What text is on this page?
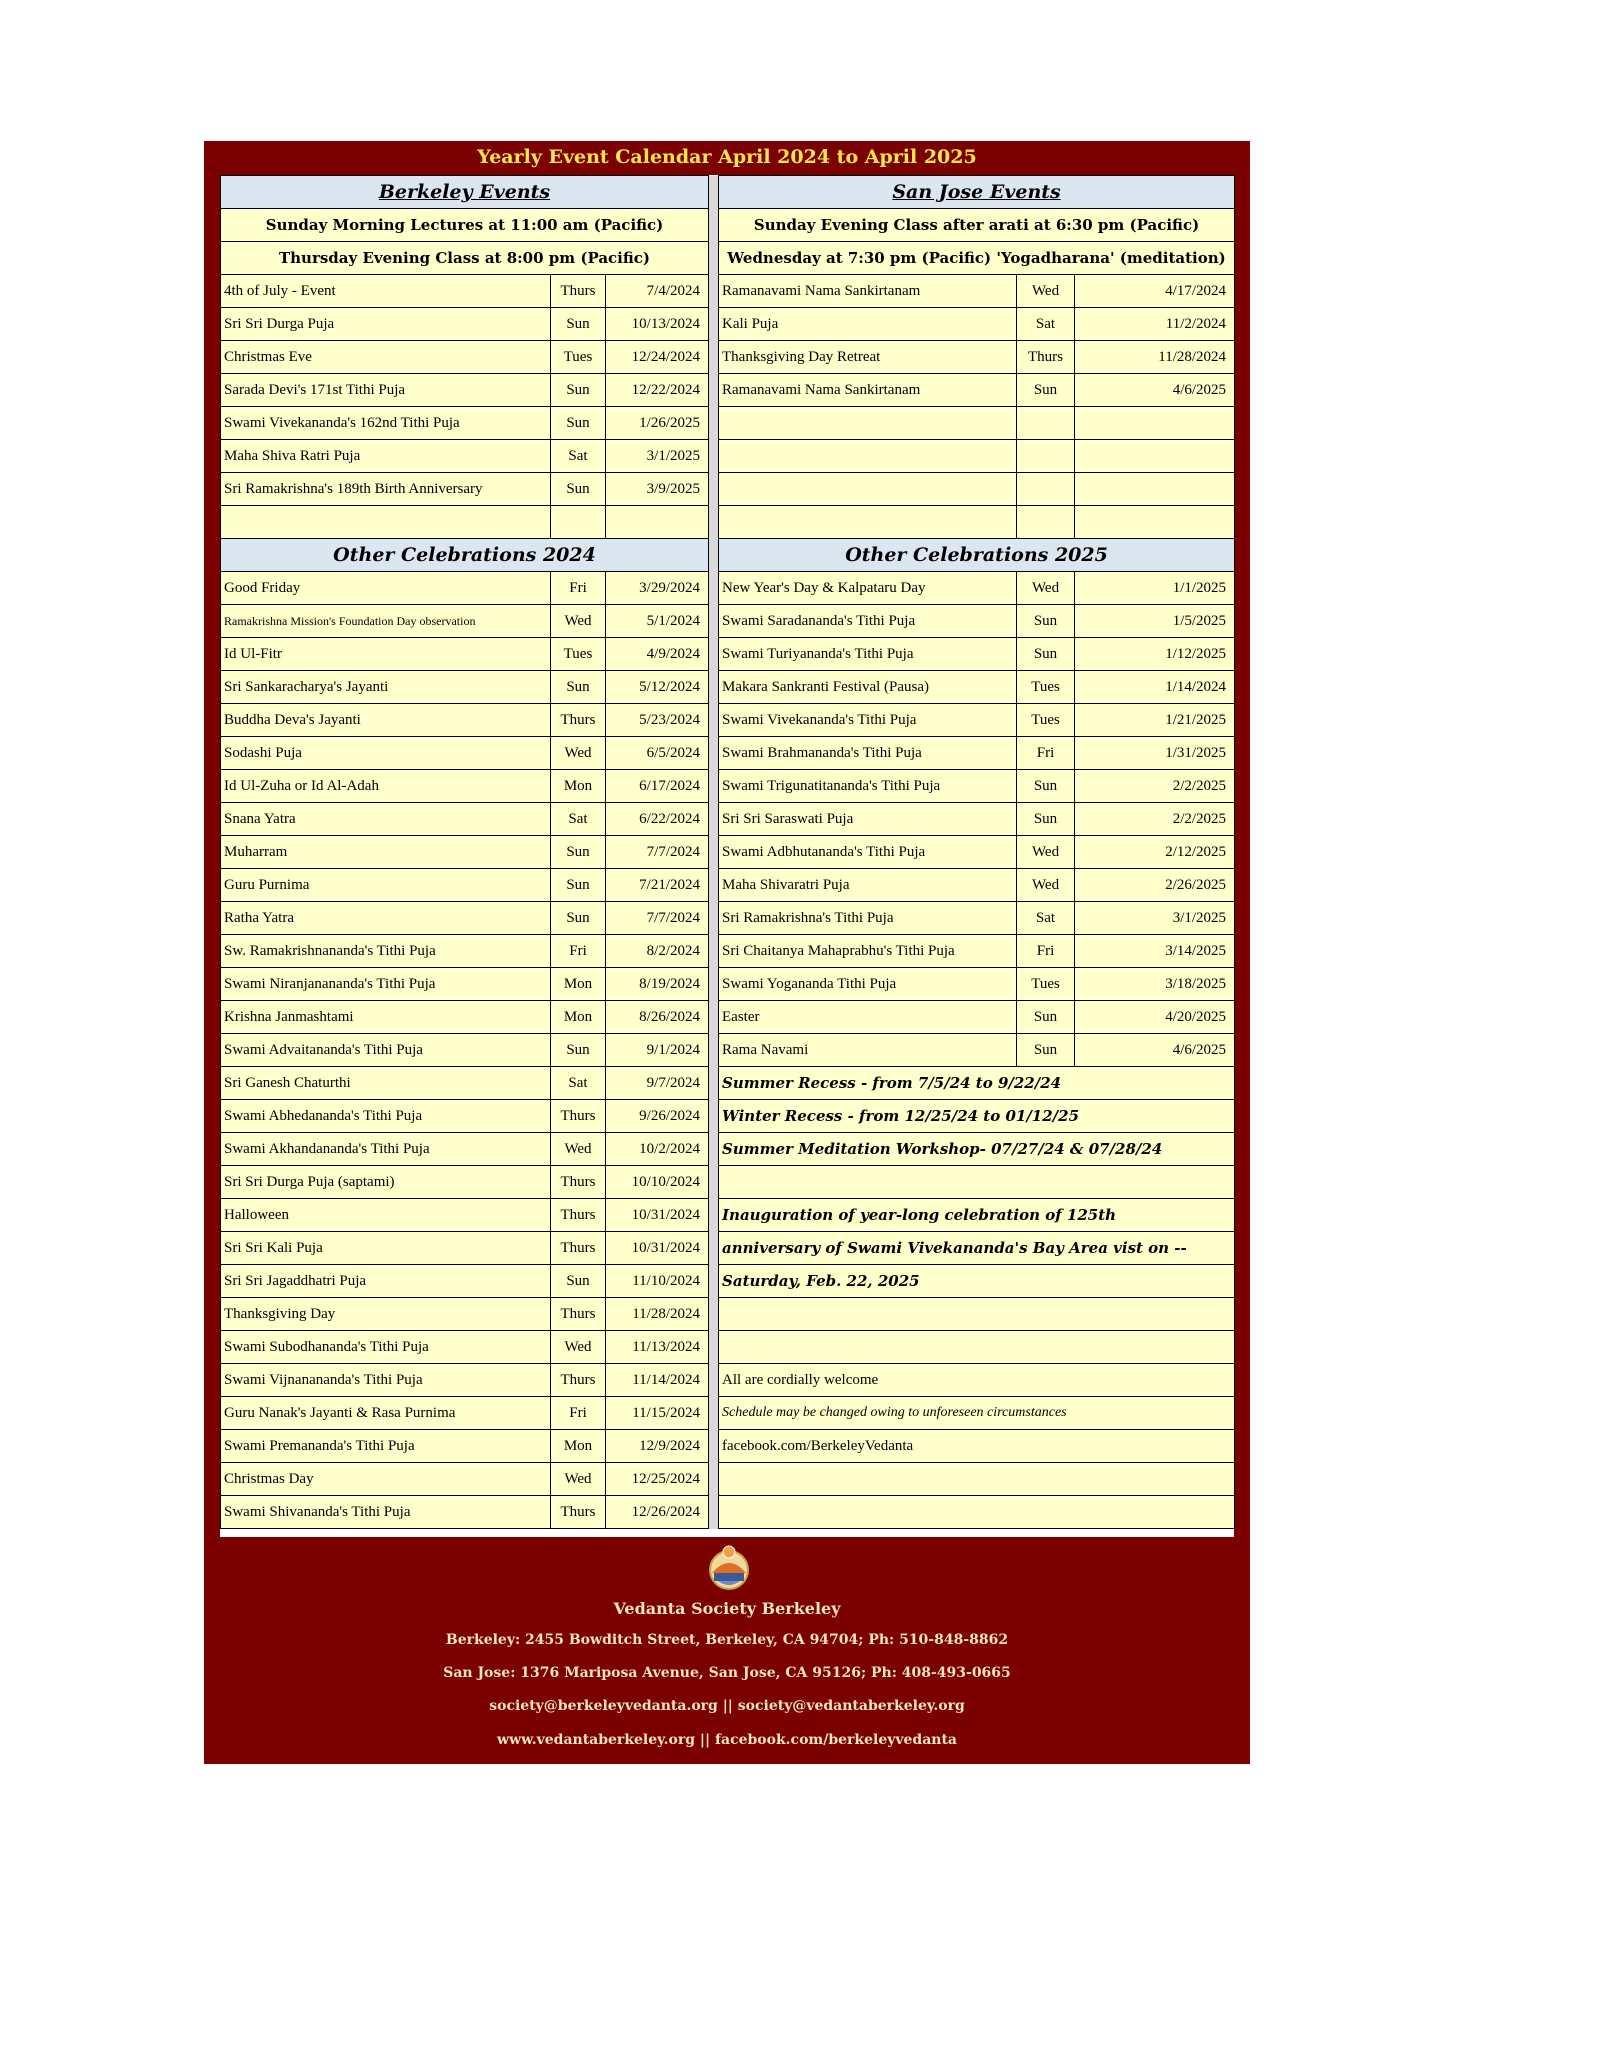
Yearly Event Calendar April 2024 to April 2025
Berkeley Events				San Jose Events		
Sunday Morning Lectures at 11:00 am (Pacific)				Sunday Evening Class after arati at 6:30 pm (Pacific)		
Thursday Evening Class at 8:00 pm (Pacific)				Wednesday at 7:30 pm (Pacific) 'Yogadharana' (meditation)		
4th of July - Event	Thurs	7/4/2024		Ramanavami Nama Sankirtanam	Wed	4/17/2024
Sri Sri Durga Puja	Sun	10/13/2024		Kali Puja	Sat	11/2/2024
Christmas Eve	Tues	12/24/2024		Thanksgiving Day Retreat	Thurs	11/28/2024
Sarada Devi's 171st Tithi Puja	Sun	12/22/2024		Ramanavami Nama Sankirtanam	Sun	4/6/2025
Swami Vivekananda's 162nd Tithi Puja	Sun	1/26/2025				
Maha Shiva Ratri Puja	Sat	3/1/2025				
Sri Ramakrishna's 189th Birth Anniversary	Sun	3/9/2025				

Other Celebrations 2024				Other Celebrations 2025		
Good Friday	Fri	3/29/2024		New Year's Day & Kalpataru Day	Wed	1/1/2025
Ramakrishna Mission's Foundation Day observation	Wed	5/1/2024		Swami Saradananda's Tithi Puja	Sun	1/5/2025
Id Ul-Fitr	Tues	4/9/2024		Swami Turiyananda's Tithi Puja	Sun	1/12/2025
Sri Sankaracharya's Jayanti	Sun	5/12/2024		Makara Sankranti Festival (Pausa)	Tues	1/14/2024
Buddha Deva's Jayanti	Thurs	5/23/2024		Swami Vivekananda's Tithi Puja	Tues	1/21/2025
Sodashi Puja	Wed	6/5/2024		Swami Brahmananda's Tithi Puja	Fri	1/31/2025
Id Ul-Zuha or Id Al-Adah	Mon	6/17/2024		Swami Trigunatitananda's Tithi Puja	Sun	2/2/2025
Snana Yatra	Sat	6/22/2024		Sri Sri Saraswati Puja	Sun	2/2/2025
Muharram	Sun	7/7/2024		Swami Adbhutananda's Tithi Puja	Wed	2/12/2025
Guru Purnima	Sun	7/21/2024		Maha Shivaratri Puja	Wed	2/26/2025
Ratha Yatra	Sun	7/7/2024		Sri Ramakrishna's Tithi Puja	Sat	3/1/2025
Sw. Ramakrishnananda's Tithi Puja	Fri	8/2/2024		Sri Chaitanya Mahaprabhu's Tithi Puja	Fri	3/14/2025
Swami Niranjanananda's Tithi Puja	Mon	8/19/2024		Swami Yogananda Tithi Puja	Tues	3/18/2025
Krishna Janmashtami	Mon	8/26/2024		Easter	Sun	4/20/2025
Swami Advaitananda's Tithi Puja	Sun	9/1/2024		Rama Navami	Sun	4/6/2025
Sri Ganesh Chaturthi	Sat	9/7/2024		Summer Recess - from 7/5/24 to 9/22/24		
Swami Abhedananda's Tithi Puja	Thurs	9/26/2024		Winter Recess - from 12/25/24 to 01/12/25		
Swami Akhandananda's Tithi Puja	Wed	10/2/2024		Summer Meditation Workshop- 07/27/24 & 07/28/24		
Sri Sri Durga Puja (saptami)	Thurs	10/10/2024				
Halloween	Thurs	10/31/2024		Inauguration of year-long celebration of 125th		
Sri Sri Kali Puja	Thurs	10/31/2024		anniversary of Swami Vivekananda's Bay Area vist on --		
Sri Sri Jagaddhatri Puja	Sun	11/10/2024		Saturday, Feb. 22, 2025		
Thanksgiving Day	Thurs	11/28/2024				
Swami Subodhananda's Tithi Puja	Wed	11/13/2024				
Swami Vijnanananda's Tithi Puja	Thurs	11/14/2024		All are cordially welcome		
Guru Nanak's Jayanti & Rasa Purnima	Fri	11/15/2024		Schedule may be changed owing to unforeseen circumstances		
Swami Premananda's Tithi Puja	Mon	12/9/2024		facebook.com/BerkeleyVedanta		
Christmas Day	Wed	12/25/2024				
Swami Shivananda's Tithi Puja	Thurs	12/26/2024				
Vedanta Society Berkeley
Berkeley: 2455 Bowditch Street, Berkeley, CA 94704; Ph: 510-848-8862
San Jose: 1376 Mariposa Avenue, San Jose, CA 95126; Ph: 408-493-0665
society@berkeleyvedanta.org || society@vedantaberkeley.org
www.vedantaberkeley.org || facebook.com/berkeleyvedanta
